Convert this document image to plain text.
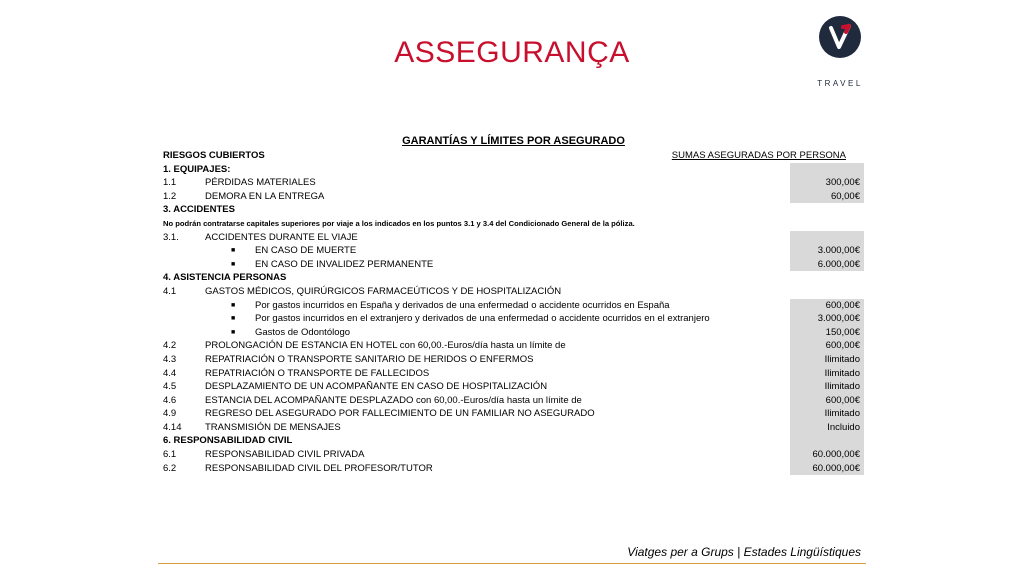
ASSEGURANÇA
TRAVEL
GARANTÍAS Y LÍMITES POR ASEGURADO
RIESGOS CUBIERTOS	SUMAS ASEGURADAS POR PERSONA
1. EQUIPAJES:
1.1	PÉRDIDAS MATERIALES	300,00€
1.2	DEMORA EN LA ENTREGA	60,00€
3. ACCIDENTES
No podrán contratarse capitales superiores por viaje a los indicados en los puntos 3.1 y 3.4 del Condicionado General de la póliza.
3.1.	ACCIDENTES DURANTE EL VIAJE
■ EN CASO DE MUERTE	3.000,00€
■ EN CASO DE INVALIDEZ PERMANENTE	6.000,00€
4. ASISTENCIA PERSONAS
4.1	GASTOS MÉDICOS, QUIRÚRGICOS FARMACEÚTICOS Y DE HOSPITALIZACIÓN
■ Por gastos incurridos en España y derivados de una enfermedad o accidente ocurridos en España	600,00€
■ Por gastos incurridos en el extranjero y derivados de una enfermedad o accidente ocurridos en el extranjero	3.000,00€
■ Gastos de Odontólogo	150,00€
4.2	PROLONGACIÓN DE ESTANCIA EN HOTEL con 60,00.-Euros/día hasta un límite de	600,00€
4.3	REPATRIACIÓN O TRANSPORTE SANITARIO DE HERIDOS O ENFERMOS	Ilimitado
4.4	REPATRIACIÓN O TRANSPORTE DE FALLECIDOS	Ilimitado
4.5	DESPLAZAMIENTO DE UN ACOMPAÑANTE EN CASO DE HOSPITALIZACIÓN	Ilimitado
4.6	ESTANCIA DEL ACOMPAÑANTE DESPLAZADO con 60,00.-Euros/día hasta un límite de	600,00€
4.9	REGRESO DEL ASEGURADO POR FALLECIMIENTO DE UN FAMILIAR NO ASEGURADO	Ilimitado
4.14 TRANSMISIÓN DE MENSAJES	Incluido
6. RESPONSABILIDAD CIVIL
6.1	RESPONSABILIDAD CIVIL PRIVADA	60.000,00€
6.2	RESPONSABILIDAD CIVIL DEL PROFESOR/TUTOR	60.000,00€
Viatges per a Grups | Estades Lingüístiques
